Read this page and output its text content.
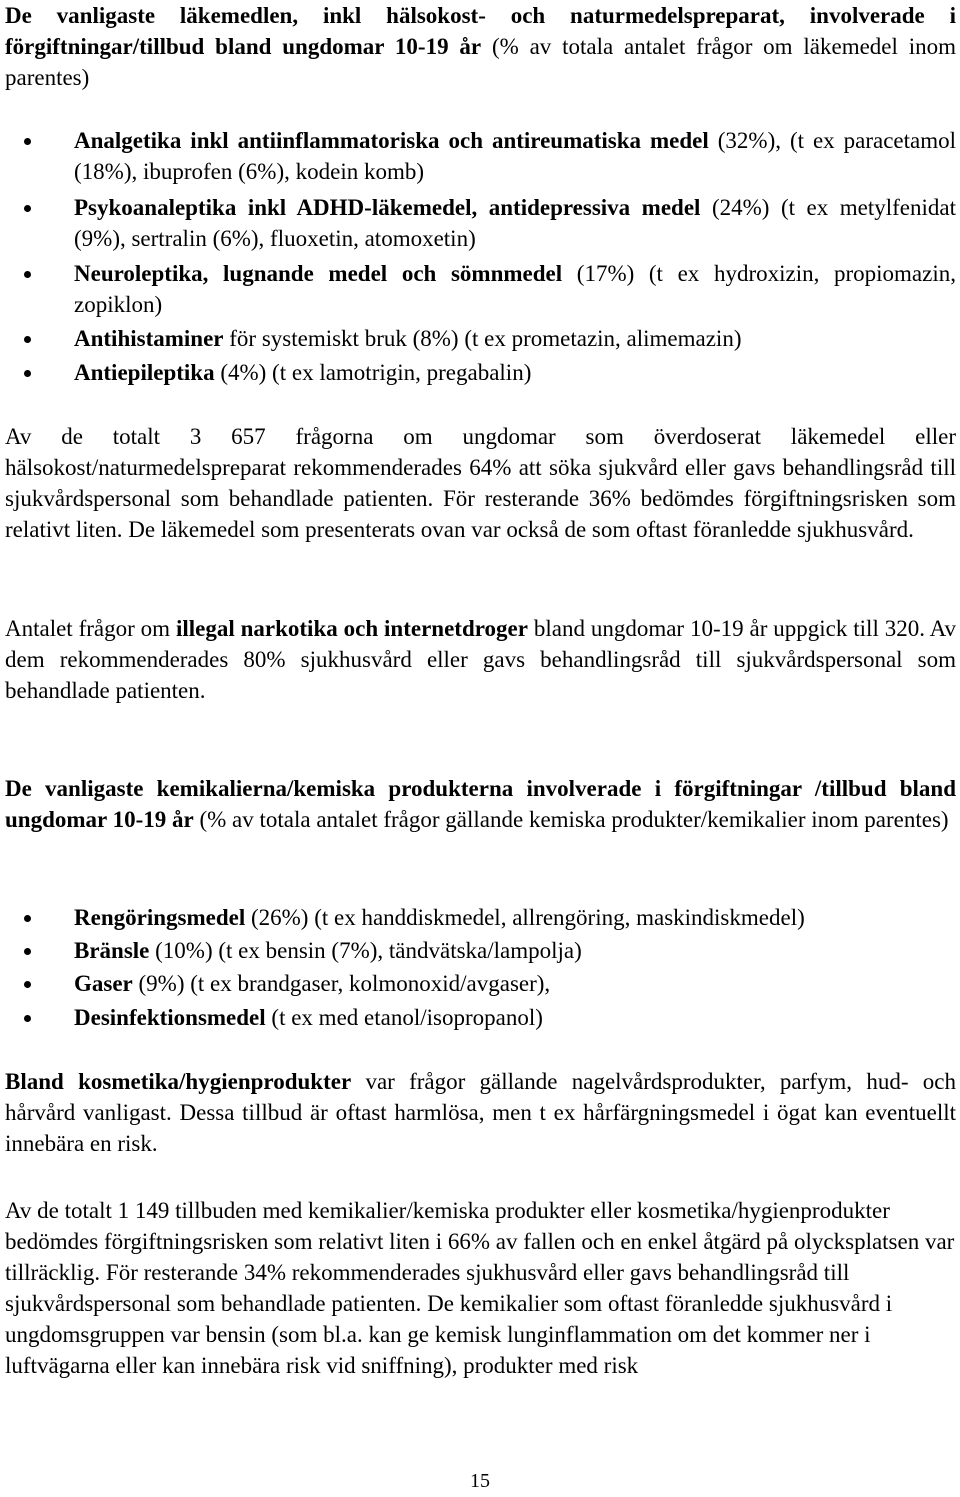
De vanligaste läkemedlen, inkl hälsokost- och naturmedelspreparat, involverade i förgiftningar/tillbud bland ungdomar 10-19 år (% av totala antalet frågor om läkemedel inom parentes)

Analgetika inkl antiinflammatoriska och antireumatiska medel (32%), (t ex paracetamol (18%), ibuprofen (6%), kodein komb)
Psykoanaleptika inkl ADHD-läkemedel, antidepressiva medel (24%) (t ex metylfenidat (9%), sertralin (6%), fluoxetin, atomoxetin)
Neuroleptika, lugnande medel och sömnmedel (17%) (t ex hydroxizin, propiomazin, zopiklon)
Antihistaminer för systemiskt bruk (8%) (t ex prometazin, alimemazin)
Antiepileptika (4%) (t ex lamotrigin, pregabalin)

Av de totalt 3 657 frågorna om ungdomar som överdoserat läkemedel eller hälsokost/naturmedelspreparat rekommenderades 64% att söka sjukvård eller gavs behandlingsråd till sjukvårdspersonal som behandlade patienten. För resterande 36% bedömdes förgiftningsrisken som relativt liten. De läkemedel som presenterats ovan var också de som oftast föranledde sjukhusvård.

Antalet frågor om illegal narkotika och internetdroger bland ungdomar 10-19 år uppgick till 320. Av dem rekommenderades 80% sjukhusvård eller gavs behandlingsråd till sjukvårdspersonal som behandlade patienten.

De vanligaste kemikalierna/kemiska produkterna involverade i förgiftningar /tillbud bland ungdomar 10-19 år (% av totala antalet frågor gällande kemiska produkter/kemikalier inom parentes)

Rengöringsmedel (26%) (t ex handdiskmedel, allrengöring, maskindiskmedel)
Bränsle (10%) (t ex bensin (7%), tändvätska/lampolja)
Gaser (9%) (t ex brandgaser, kolmonoxid/avgaser),
Desinfektionsmedel (t ex med etanol/isopropanol)

Bland kosmetika/hygienprodukter var frågor gällande nagelvårdsprodukter, parfym, hud- och hårvård vanligast. Dessa tillbud är oftast harmlösa, men t ex hårfärgningsmedel i ögat kan eventuellt innebära en risk.

Av de totalt 1 149 tillbuden med kemikalier/kemiska produkter eller kosmetika/hygienprodukter bedömdes förgiftningsrisken som relativt liten i 66% av fallen och en enkel åtgärd på olycksplatsen var tillräcklig. För resterande 34% rekommenderades sjukhusvård eller gavs behandlingsråd till sjukvårdspersonal som behandlade patienten. De kemikalier som oftast föranledde sjukhusvård i ungdomsgruppen var bensin (som bl.a. kan ge kemisk lunginflammation om det kommer ner i luftvägarna eller kan innebära risk vid sniffning), produkter med risk

15
